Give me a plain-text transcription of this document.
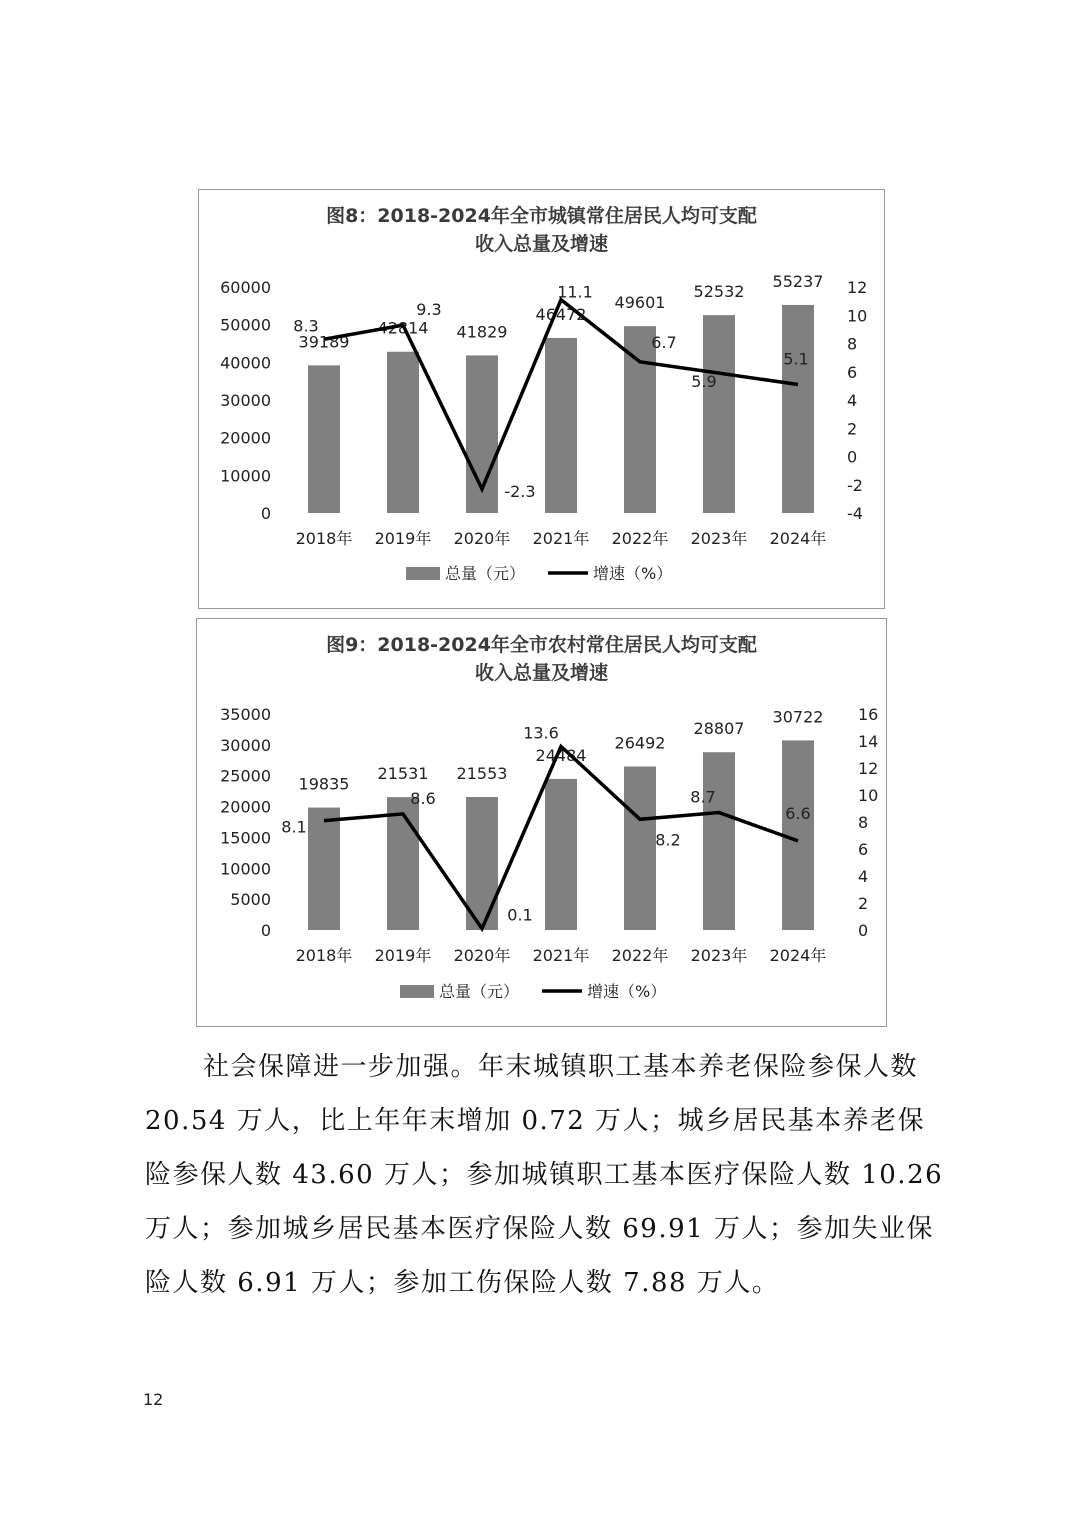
图8：2018-2024年全市城镇常住居民人均可支配
收入总量及增速
0
10000
20000
30000
40000
50000
60000
-4
-2
0
2
4
6
8
10
12
39189
42814 41829
46472
49601
52532
55237
8.3
9.3
-2.3
11.1
6.7
5.9
5.1
2018年 2019年 2020年 2021年 2022年 2023年 2024年
总量（元）	增速（%）
图9：2018-2024年全市农村常住居民人均可支配
收入总量及增速
0
5000
10000
15000
20000
25000
30000
35000
0
2
4
6
8
10
12
14
16
19835
21531 21553
24484
26492
28807
30722
8.1
8.6
0.1
13.6
8.2
8.7
6.6
2018年 2019年 2020年 2021年 2022年 2023年 2024年
总量（元）	增速（%）
社会保障进一步加强。年末城镇职工基本养老保险参保人数
20.54 万人，比上年年末增加 0.72 万人；城乡居民基本养老保
险参保人数 43.60 万人；参加城镇职工基本医疗保险人数 10.26
万人；参加城乡居民基本医疗保险人数 69.91 万人；参加失业保
险人数 6.91 万人；参加工伤保险人数 7.88 万人。
12
